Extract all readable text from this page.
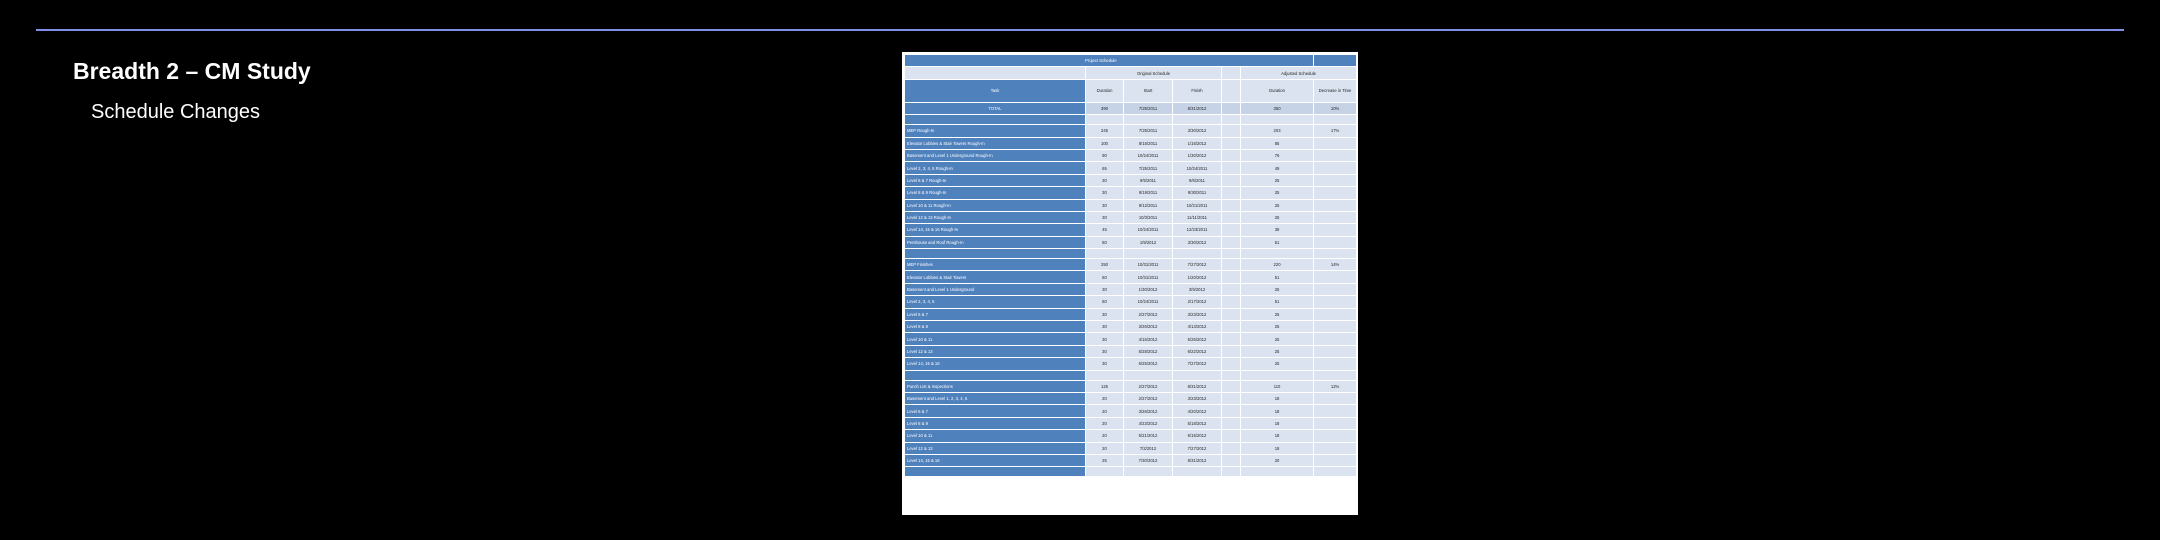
Breadth 2 – CM Study
Schedule Changes
Project Schedule						
	Original Schedule				Adjusted Schedule	
Task	Duration	Start	Finish		Duration	Decrease in Time
TOTAL	390	7/25/2011	8/31/2012		350	10%

MEP Rough-In	245	7/25/2011	3/30/2012		203	17%
Elevator Lobbies & Stair Towers Rough-In	100	8/15/2011	1/16/2012		85	
Basement and Level 1 Underground Rough-In	90	10/24/2011	1/30/2012		76	
Level 2, 3, 4, 5 Rough-In	65	7/25/2011	10/24/2011		49	
Level 6 & 7 Rough-In	30	9/5/2011	9/6/2011		25	
Level 8 & 9 Rough-In	30	9/19/2011	9/30/2011		25	
Level 10 & 11 Rough-In	30	9/12/2011	10/21/2011		25	
Level 12 & 13 Rough-In	30	10/3/2011	11/11/2011		25	
Level 14, 15 & 16 Rough-In	45	10/24/2011	12/23/2011		38	
Penthouse and Roof Rough-In	60	1/9/2012	3/30/2012		51	

MEP Finishes	250	10/31/2011	7/27/2012		220	14%
Elevator Lobbies & Stair Towers	60	10/31/2011	1/20/2012		51	
Basement and Level 1 Underground	30	1/30/2012	3/9/2012		25	
Level 2, 3, 4, 5	60	10/24/2011	2/17/2012		51	
Level 6 & 7	30	2/27/2012	3/23/2012		25	
Level 8 & 9	30	3/26/2012	4/13/2012		25	
Level 10 & 11	30	4/16/2012	5/25/2012		25	
Level 12 & 13	30	5/28/2012	6/22/2012		25	
Level 14, 15 & 16	30	6/25/2012	7/27/2012		25	

Punch List & Inspections	125	2/27/2012	8/31/2012		110	12%
Basement and Level 1, 2, 3, 4, 5	20	2/27/2012	3/23/2012		18	
Level 6 & 7	20	3/26/2012	4/20/2012		18	
Level 8 & 9	20	4/23/2012	5/18/2012		18	
Level 10 & 11	20	5/21/2012	6/15/2012		18	
Level 12 & 13	20	7/2/2012	7/27/2012		18	
Level 14, 15 & 16	25	7/30/2012	8/31/2012		20	
